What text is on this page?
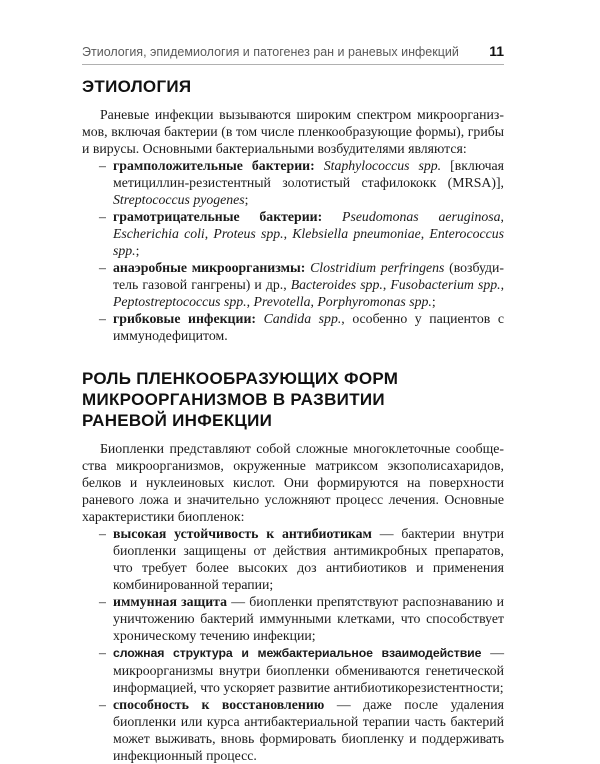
Этиология, эпидемиология и патогенез ран и раневых инфекций 11
ЭТИОЛОГИЯ

Раневые инфекции вызываются широким спектром микроорганизмов, включая бактерии (в том числе пленкообразующие формы), грибы и вирусы. Основными бактериальными возбудителями являются:

– грамположительные бактерии: Staphylococcus spp. [включая метициллин-резистентный золотистый стафилококк (MRSA)], Streptococcus pyogenes;
– грамотрицательные бактерии: Pseudomonas aeruginosa, Escherichia coli, Proteus spp., Klebsiella pneumoniae, Enterococcus spp.;
– анаэробные микроорганизмы: Clostridium perfringens (возбудитель газовой гангрены) и др., Bacteroides spp., Fusobacterium spp., Peptostreptococcus spp., Prevotella, Porphyromonas spp.;
– грибковые инфекции: Candida spp., особенно у пациентов с иммунодефицитом.
РОЛЬ ПЛЕНКООБРАЗУЮЩИХ ФОРМ
МИКРООРГАНИЗМОВ В РАЗВИТИИ
РАНЕВОЙ ИНФЕКЦИИ

Биопленки представляют собой сложные многоклеточные сообщества микроорганизмов, окруженные матриксом экзополисахаридов, белков и нуклеиновых кислот. Они формируются на поверхности раневого ложа и значительно усложняют процесс лечения. Основные характеристики биопленок:

– высокая устойчивость к антибиотикам — бактерии внутри биопленки защищены от действия антимикробных препаратов, что требует более высоких доз антибиотиков и применения комбинированной терапии;
– иммунная защита — биопленки препятствуют распознаванию и уничтожению бактерий иммунными клетками, что способствует хроническому течению инфекции;
– сложная структура и межбактериальное взаимодействие — микроорганизмы внутри биопленки обмениваются генетической информацией, что ускоряет развитие антибиотикорезистентности;
– способность к восстановлению — даже после удаления биопленки или курса антибактериальной терапии часть бактерий может выживать, вновь формировать биопленку и поддерживать инфекционный процесс.
